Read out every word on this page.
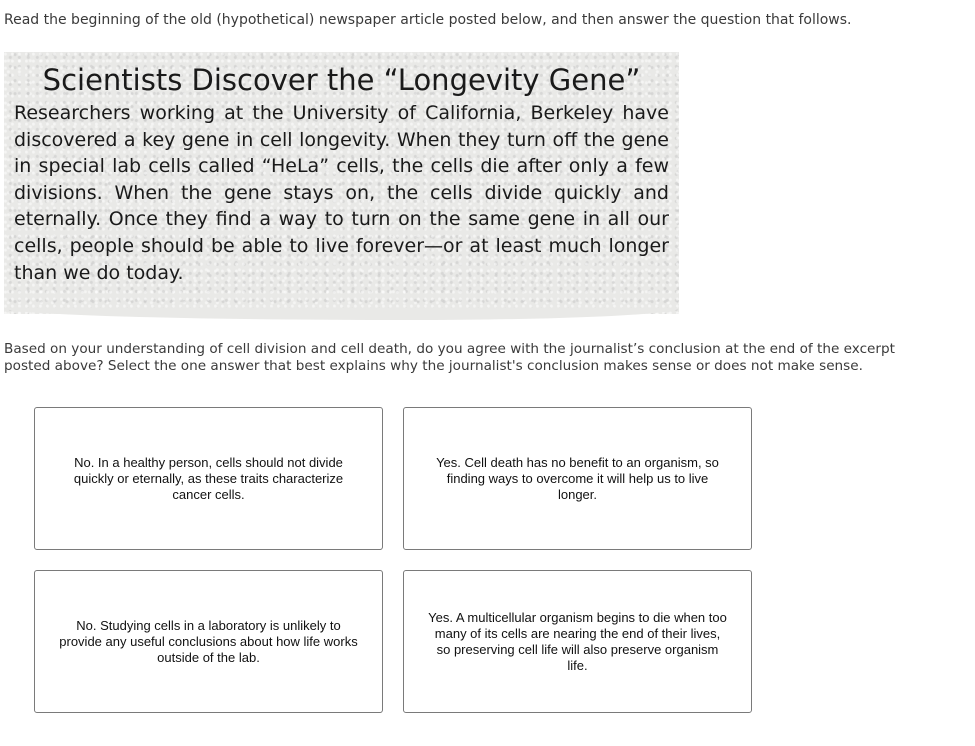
Read the beginning of the old (hypothetical) newspaper article posted below, and then answer the question that follows.
Scientists Discover the “Longevity Gene”
Researchers working at the University of California, Berkeley have discovered a key gene in cell longevity. When they turn off the gene in special lab cells called “HeLa” cells, the cells die after only a few divisions. When the gene stays on, the cells divide quickly and eternally. Once they find a way to turn on the same gene in all our cells, people should be able to live forever—or at least much longer than we do today.
Based on your understanding of cell division and cell death, do you agree with the journalist’s conclusion at the end of the excerpt posted above? Select the one answer that best explains why the journalist's conclusion makes sense or does not make sense.
No. In a healthy person, cells should not divide quickly or eternally, as these traits characterize cancer cells.
Yes. Cell death has no benefit to an organism, so finding ways to overcome it will help us to live longer.
No. Studying cells in a laboratory is unlikely to provide any useful conclusions about how life works outside of the lab.
Yes. A multicellular organism begins to die when too many of its cells are nearing the end of their lives, so preserving cell life will also preserve organism life.
